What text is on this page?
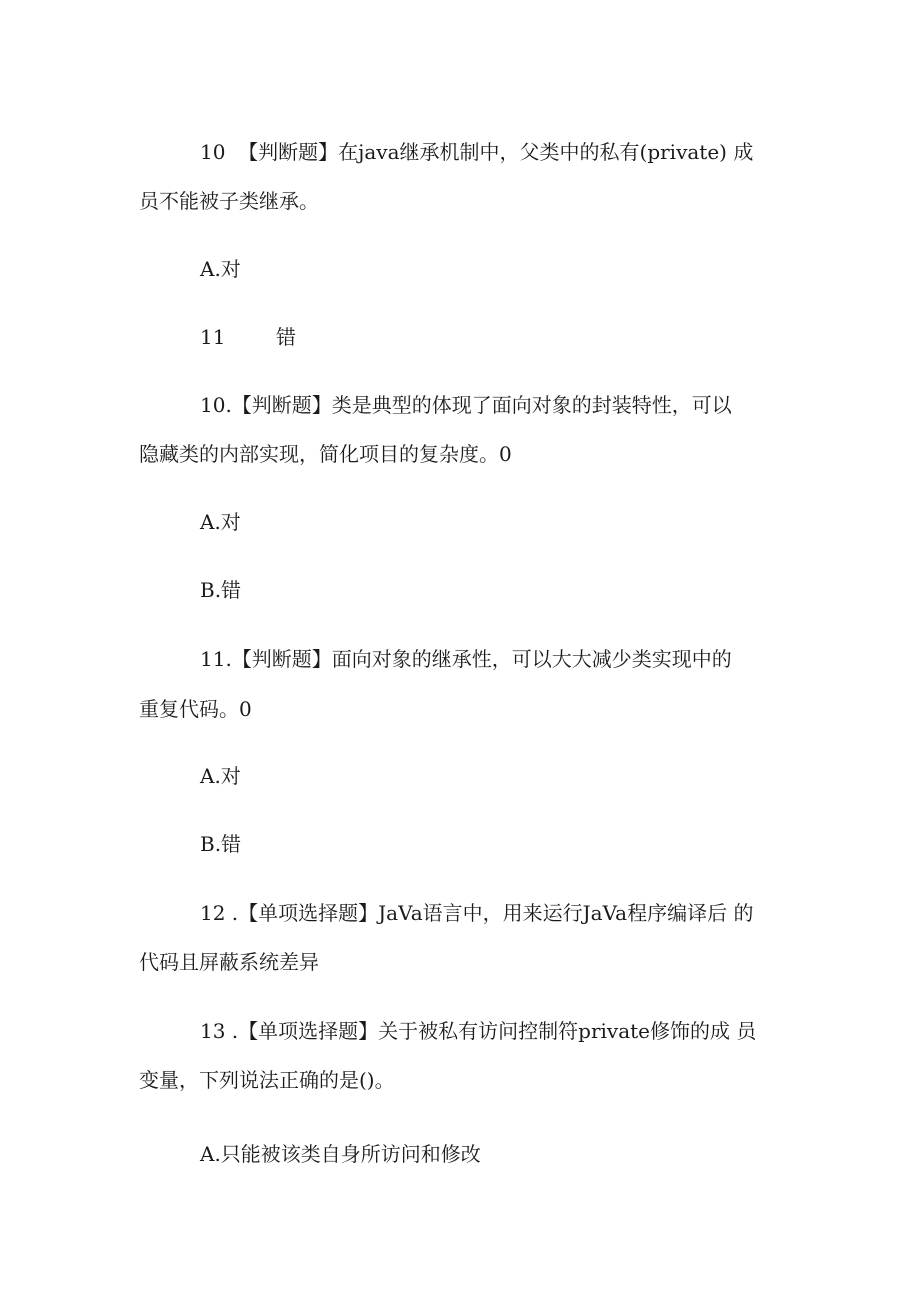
10  【判断题】在java继承机制中，父类中的私有(private) 成
员不能被子类继承。
A.对
11	错
10.【判断题】类是典型的体现了面向对象的封装特性，可以
隐藏类的内部实现，简化项目的复杂度。0
A.对
B.错
11.【判断题】面向对象的继承性，可以大大减少类实现中的
重复代码。0
A.对
B.错
12 .【单项选择题】JaVa语言中，用来运行JaVa程序编译后 的
代码且屏蔽系统差异
13 .【单项选择题】关于被私有访问控制符private修饰的成 员
变量，下列说法正确的是()。
A.只能被该类自身所访问和修改
